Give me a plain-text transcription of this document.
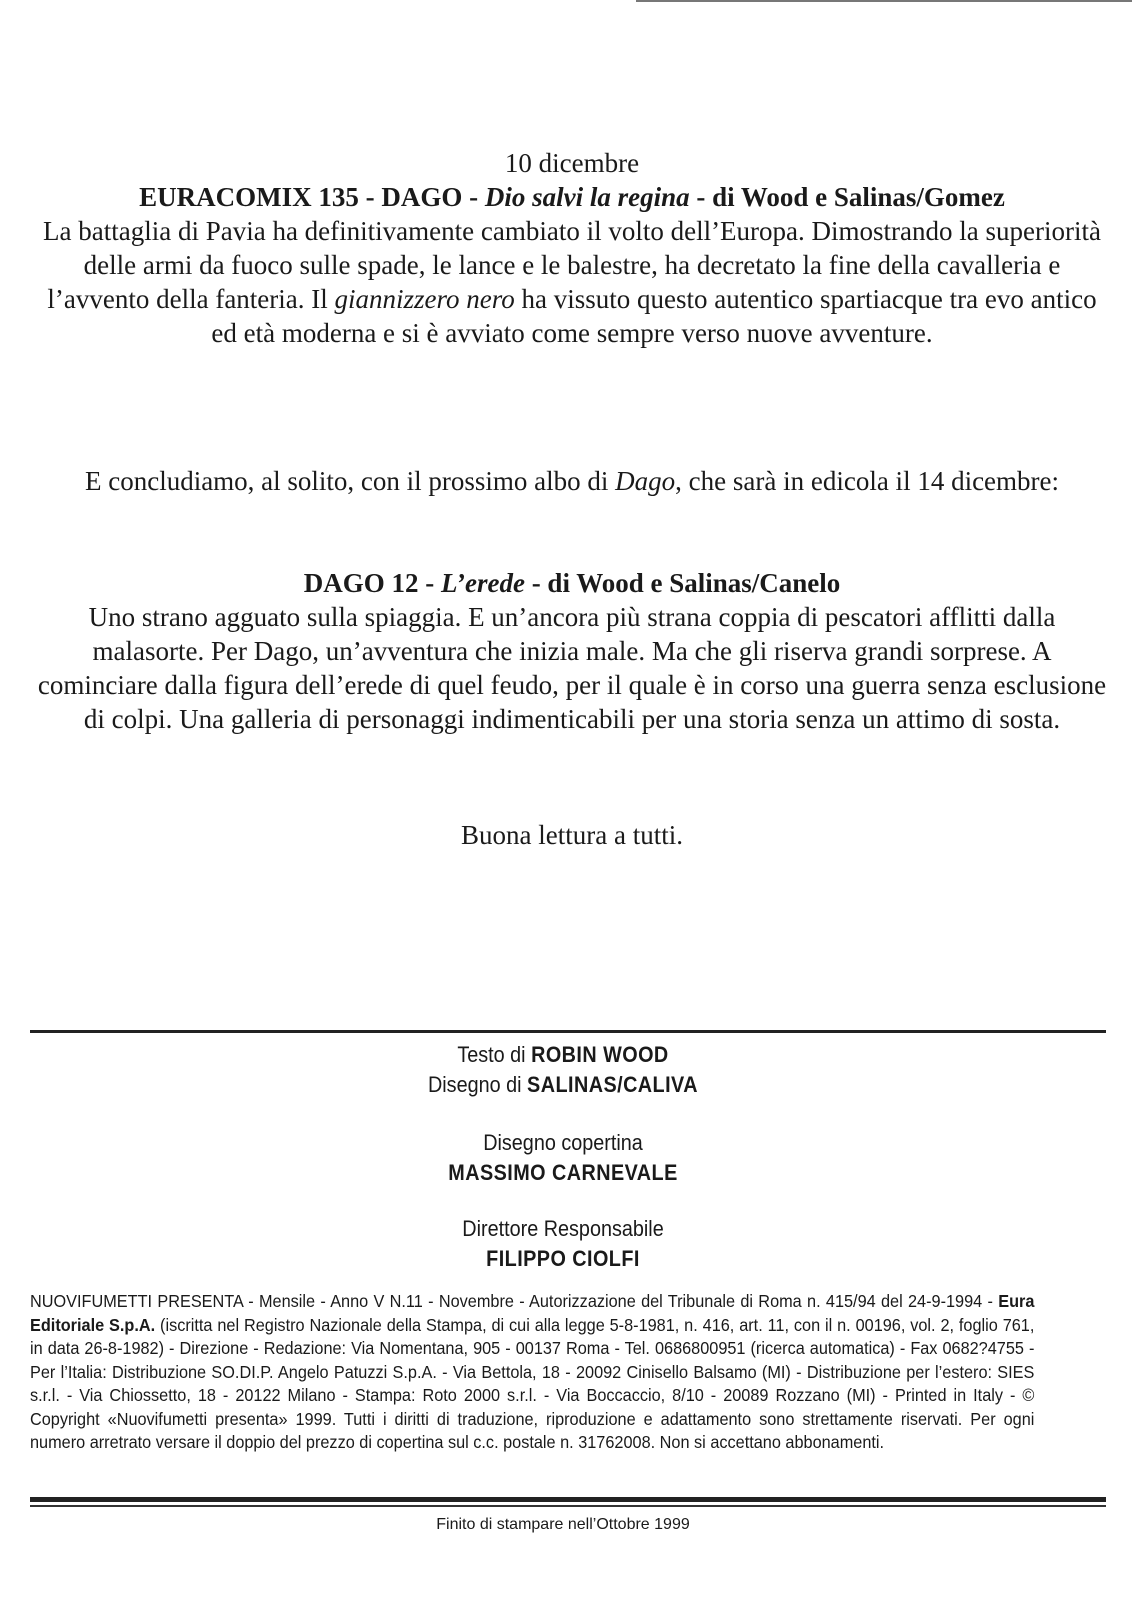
10 dicembre
EURACOMIX 135 - DAGO - Dio salvi la regina - di Wood e Salinas/Gomez
La battaglia di Pavia ha definitivamente cambiato il volto dell’Europa. Dimostrando la superiorità delle armi da fuoco sulle spade, le lance e le balestre, ha decretato la fine della cavalleria e l’avvento della fanteria. Il giannizzero nero ha vissuto questo autentico spartiacque tra evo antico ed età moderna e si è avviato come sempre verso nuove avventure.
E concludiamo, al solito, con il prossimo albo di Dago, che sarà in edicola il 14 dicembre:
DAGO 12 - L’erede - di Wood e Salinas/Canelo
Uno strano agguato sulla spiaggia. E un’ancora più strana coppia di pescatori afflitti dalla malasorte. Per Dago, un’avventura che inizia male. Ma che gli riserva grandi sorprese. A cominciare dalla figura dell’erede di quel feudo, per il quale è in corso una guerra senza esclusione di colpi. Una galleria di personaggi indimenticabili per una storia senza un attimo di sosta.
Buona lettura a tutti.
Testo di ROBIN WOOD
Disegno di SALINAS/CALIVA
Disegno copertina
MASSIMO CARNEVALE
Direttore Responsabile
FILIPPO CIOLFI
NUOVIFUMETTI PRESENTA - Mensile - Anno V N.11 - Novembre - Autorizzazione del Tribunale di Roma n. 415/94 del 24-9-1994 - Eura Editoriale S.p.A. (iscritta nel Registro Nazionale della Stampa, di cui alla legge 5-8-1981, n. 416, art. 11, con il n. 00196, vol. 2, foglio 761, in data 26-8-1982) - Direzione - Redazione: Via Nomentana, 905 - 00137 Roma - Tel. 0686800951 (ricerca automatica) - Fax 0682?4755 - Per l’Italia: Distribuzione SO.DI.P. Angelo Patuzzi S.p.A. - Via Bettola, 18 - 20092 Cinisello Balsamo (MI) - Distribuzione per l’estero: SIES s.r.l. - Via Chiossetto, 18 - 20122 Milano - Stampa: Roto 2000 s.r.l. - Via Boccaccio, 8/10 - 20089 Rozzano (MI) - Printed in Italy - © Copyright «Nuovifumetti presenta» 1999. Tutti i diritti di traduzione, riproduzione e adattamento sono strettamente riservati. Per ogni numero arretrato versare il doppio del prezzo di copertina sul c.c. postale n. 31762008. Non si accettano abbonamenti.
Finito di stampare nell’Ottobre 1999
